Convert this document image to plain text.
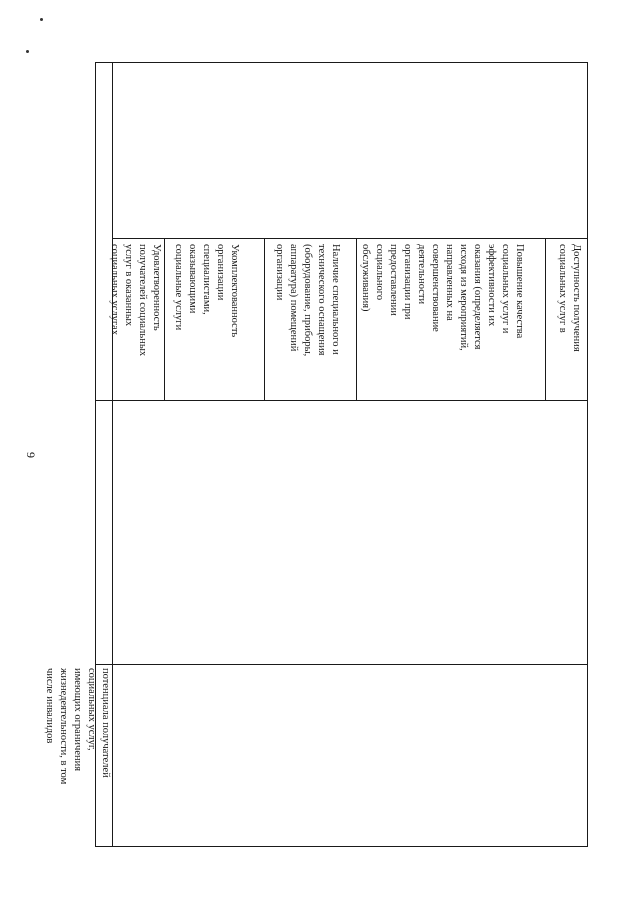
9
потенциала получателей
социальных услуг,
имеющих ограничения
жизнедеятельности, в том
числе инвалидов
Удовлетворенность
получателей социальных
услуг в оказанных
социальных услугах	Укомплектованность
организации
специалистами,
оказывающими
социальные услуги
Наличие специального и
технического оснащения
(оборудование, приборы,
аппаратура) помещений
организации	Повышение качества
социальных услуг и
эффективности их
оказания (определяется
исходя из мероприятий,
направленных на
совершенствование
деятельности
организации при
предоставлении
социального
обслуживания)	Доступность получения
социальных услуг в
